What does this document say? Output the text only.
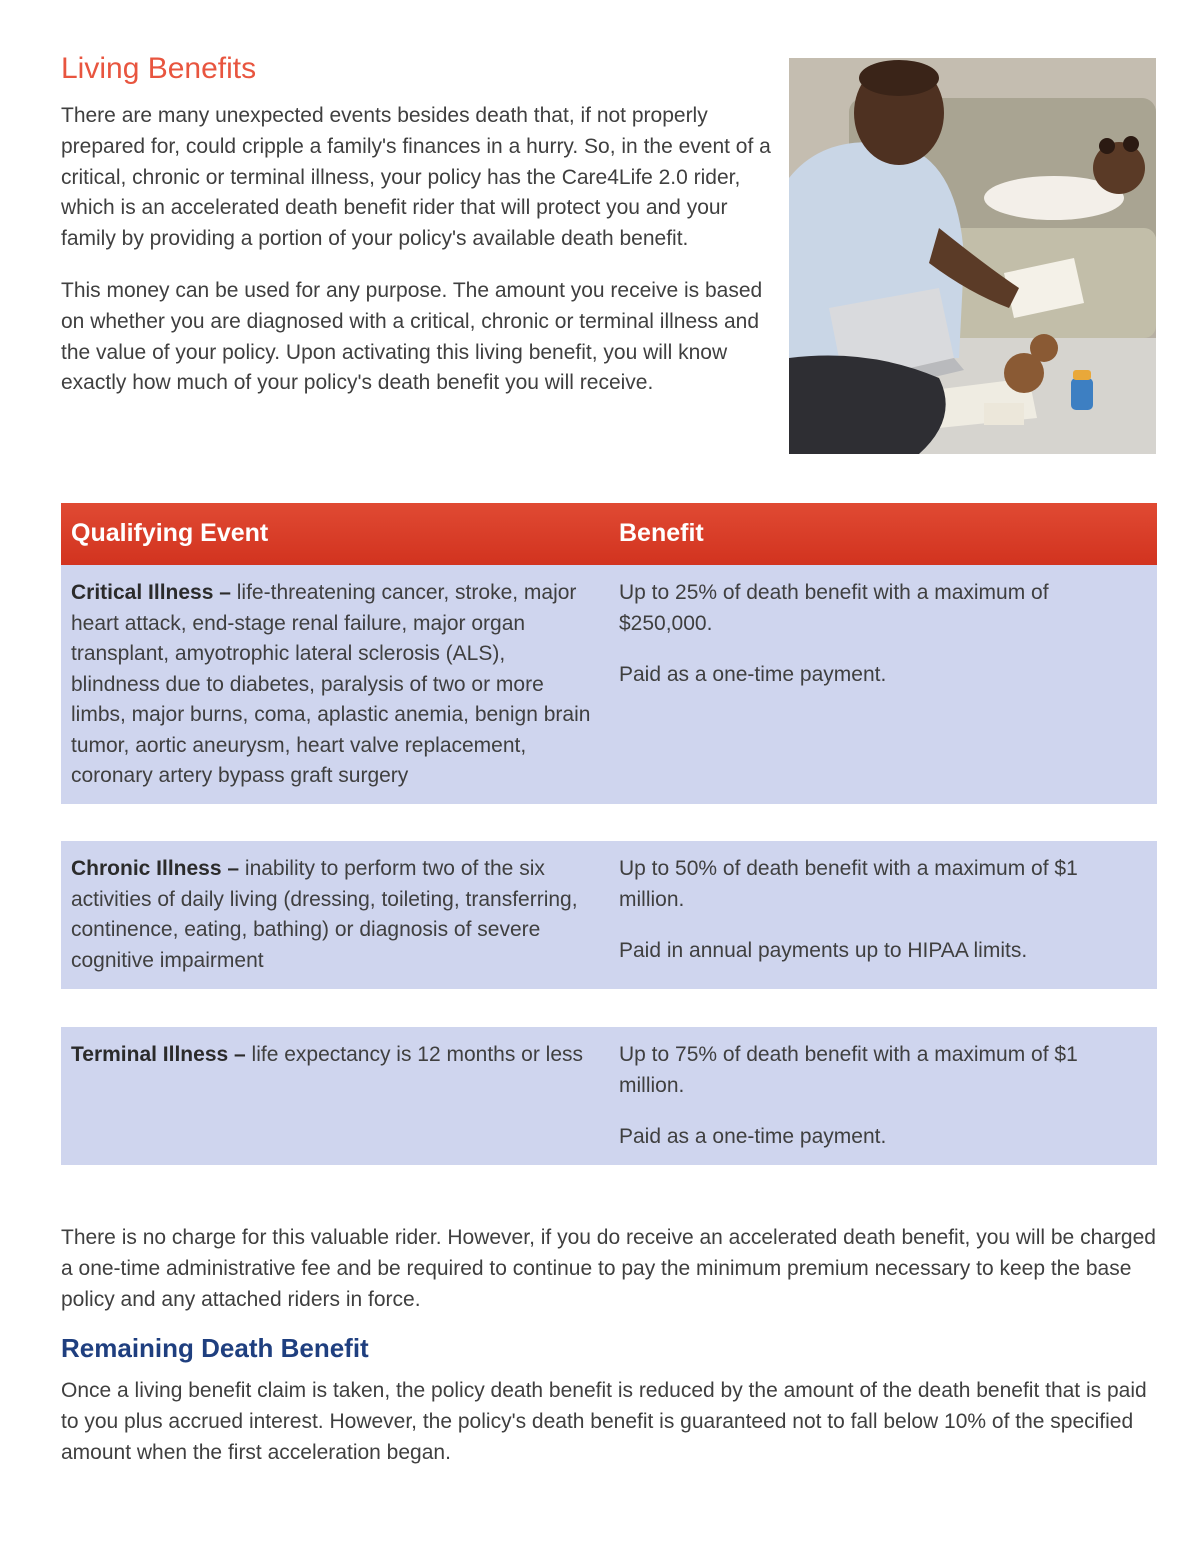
Living Benefits

There are many unexpected events besides death that, if not properly prepared for, could cripple a family's finances in a hurry. So, in the event of a critical, chronic or terminal illness, your policy has the Care4Life 2.0 rider, which is an accelerated death benefit rider that will protect you and your family by providing a portion of your policy's available death benefit.

This money can be used for any purpose. The amount you receive is based on whether you are diagnosed with a critical, chronic or terminal illness and the value of your policy. Upon activating this living benefit, you will know exactly how much of your policy's death benefit you will receive.

Qualifying Event	Benefit
Critical Illness – life-threatening cancer, stroke, major heart attack, end-stage renal failure, major organ transplant, amyotrophic lateral sclerosis (ALS), blindness due to diabetes, paralysis of two or more limbs, major burns, coma, aplastic anemia, benign brain tumor, aortic aneurysm, heart valve replacement, coronary artery bypass graft surgery

Up to 25% of death benefit with a maximum of $250,000.

Paid as a one-time payment.

Chronic Illness – inability to perform two of the six activities of daily living (dressing, toileting, transferring, continence, eating, bathing) or diagnosis of severe cognitive impairment

Up to 50% of death benefit with a maximum of $1 million.

Paid in annual payments up to HIPAA limits.

Terminal Illness – life expectancy is 12 months or less	Up to 75% of death benefit with a maximum of $1 million.

Paid as a one-time payment.

There is no charge for this valuable rider. However, if you do receive an accelerated death benefit, you will be charged a one-time administrative fee and be required to continue to pay the minimum premium necessary to keep the base policy and any attached riders in force.

Remaining Death Benefit

Once a living benefit claim is taken, the policy death benefit is reduced by the amount of the death benefit that is paid to you plus accrued interest. However, the policy's death benefit is guaranteed not to fall below 10% of the specified amount when the first acceleration began.
